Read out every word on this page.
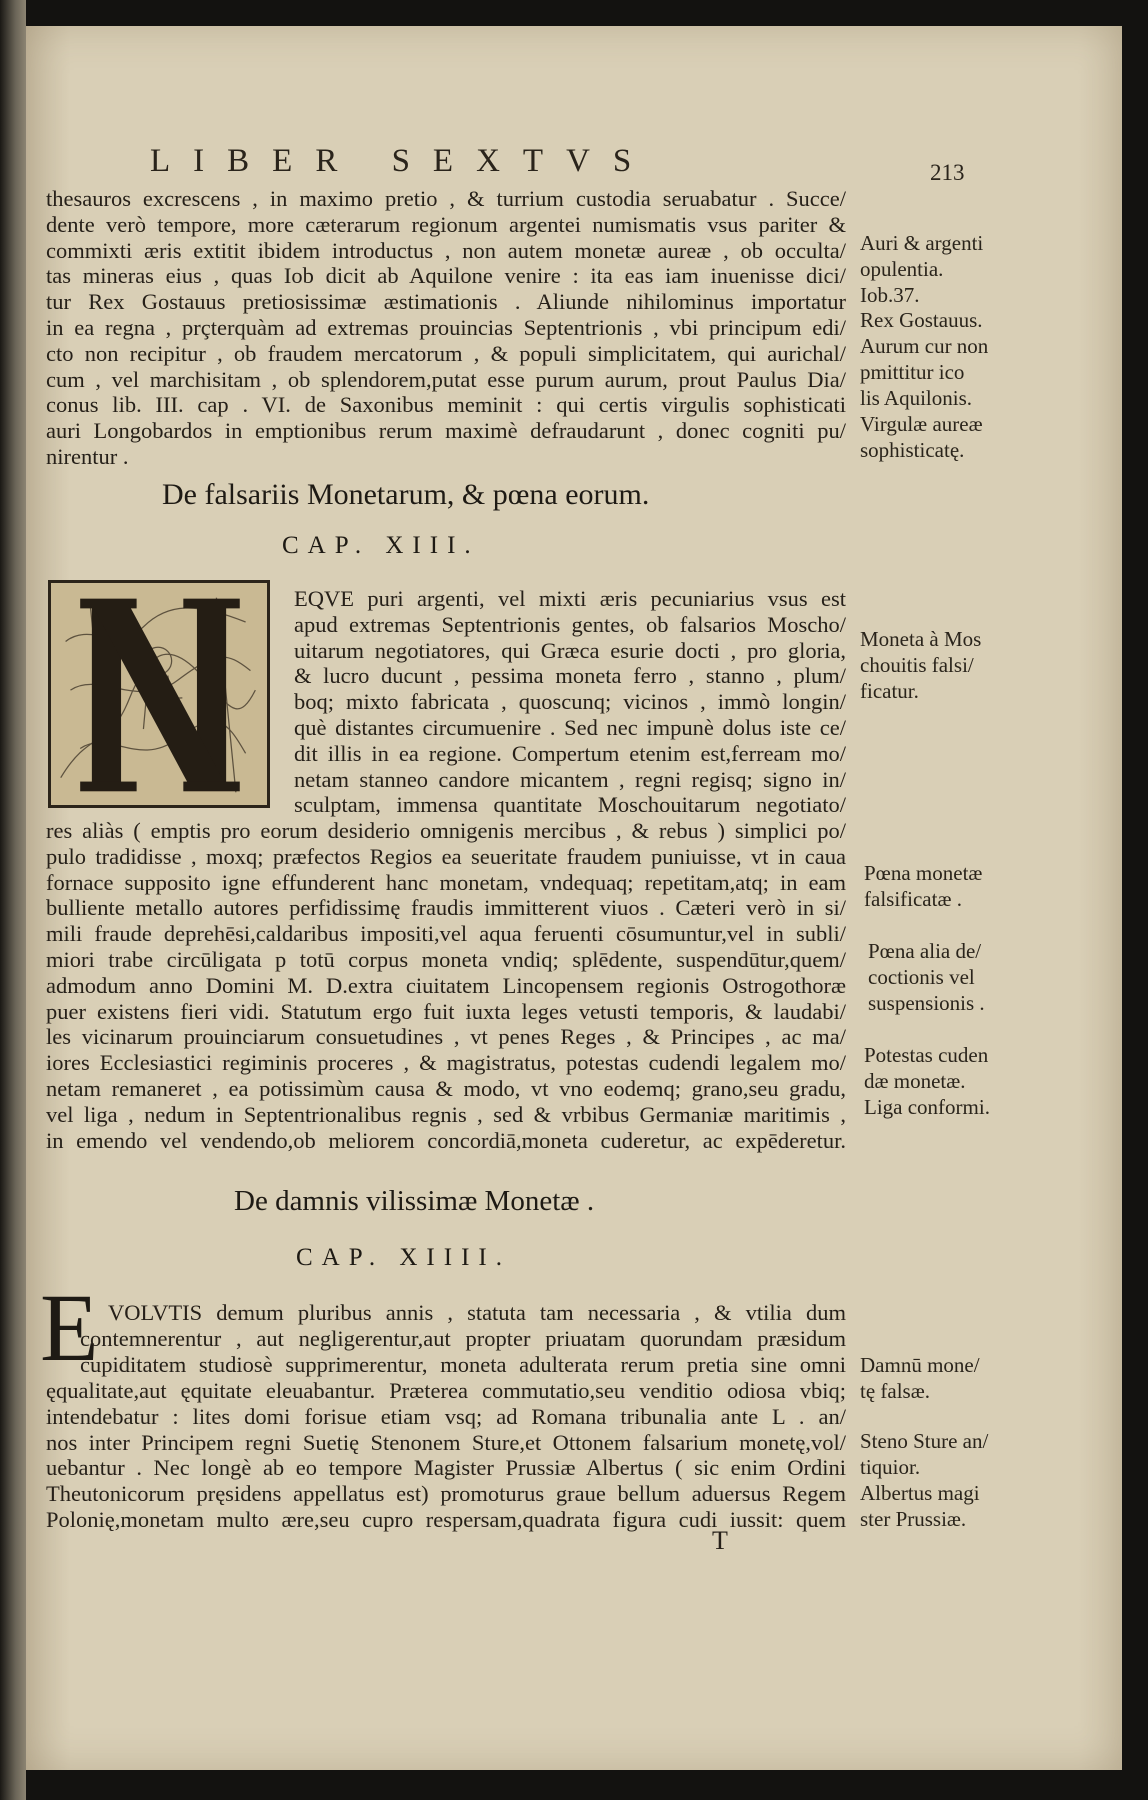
LIBER SEXTVS	213
thesauros excrescens , in maximo pretio , & turrium custodia seruabatur . Succe/
dente verò tempore, more cæterarum regionum argentei numismatis vsus pariter &
commixti æris extitit ibidem introductus , non autem monetæ aureæ , ob occulta/
tas mineras eius , quas Iob dicit ab Aquilone venire : ita eas iam inuenisse dici/
tur Rex Gostauus pretiosissimæ æstimationis . Aliunde nihilominus importatur
in ea regna , prçterquàm ad extremas prouincias Septentrionis , vbi principum edi/
cto non recipitur , ob fraudem mercatorum , & populi simplicitatem, qui aurichal/
cum , vel marchisitam , ob splendorem,putat esse purum aurum, prout Paulus Dia/
conus lib. III. cap . VI. de Saxonibus meminit : qui certis virgulis sophisticati
auri Longobardos in emptionibus rerum maximè defraudarunt , donec cogniti pu/
nirentur .
De falsariis Monetarum, & pœna eorum.
CAP. XIII.
EQVE puri argenti, vel mixti æris pecuniarius vsus est
apud extremas Septentrionis gentes, ob falsarios Moscho/
uitarum negotiatores, qui Græca esurie docti , pro gloria,
& lucro ducunt , pessima moneta ferro , stanno , plum/
boq; mixto fabricata , quoscunq; vicinos , immò longin/
què distantes circumuenire . Sed nec impunè dolus iste ce/
dit illis in ea regione. Compertum etenim est,ferream mo/
netam stanneo candore micantem , regni regisq; signo in/
sculptam, immensa quantitate Moschouitarum negotiato/
res aliàs ( emptis pro eorum desiderio omnigenis mercibus , & rebus ) simplici po/
pulo tradidisse , moxq; præfectos Regios ea seueritate fraudem puniuisse, vt in caua
fornace supposito igne effunderent hanc monetam, vndequaq; repetitam,atq; in eam
bulliente metallo autores perfidissimę fraudis immitterent viuos . Cæteri verò in si/
mili fraude deprehēsi,caldaribus impositi,vel aqua feruenti cōsumuntur,vel in subli/
miori trabe circūligata p totū corpus moneta vndiq; splēdente, suspendūtur,quem/
admodum anno Domini M. D.extra ciuitatem Lincopensem regionis Ostrogothoræ
puer existens fieri vidi. Statutum ergo fuit iuxta leges vetusti temporis, & laudabi/
les vicinarum prouinciarum consuetudines , vt penes Reges , & Principes , ac ma/
iores Ecclesiastici regiminis proceres , & magistratus, potestas cudendi legalem mo/
netam remaneret , ea potissimùm causa & modo, vt vno eodemq; grano,seu gradu,
vel liga , nedum in Septentrionalibus regnis , sed & vrbibus Germaniæ maritimis ,
in emendo vel vendendo,ob meliorem concordiā,moneta cuderetur, ac expēderetur.
De damnis vilissimæ Monetæ .
CAP. XIIII.
E VOLVTIS demum pluribus annis , statuta tam necessaria , & vtilia dum
contemnerentur , aut negligerentur,aut propter priuatam quorundam præsidum
cupiditatem studiosè supprimerentur, moneta adulterata rerum pretia sine omni
ęqualitate,aut ęquitate eleuabantur. Præterea commutatio,seu venditio odiosa vbiq;
intendebatur : lites domi forisue etiam vsq; ad Romana tribunalia ante L . an/
nos inter Principem regni Suetię Stenonem Sture,et Ottonem falsarium monetę,vol/
uebantur . Nec longè ab eo tempore Magister Prussiæ Albertus ( sic enim Ordini
Theutonicorum pręsidens appellatus est) promoturus graue bellum aduersus Regem
Polonię,monetam multo ære,seu cupro respersam,quadrata figura cudi iussit: quem
T
Auri & argenti
opulentia.
Iob.37.
Rex Gostauus.
Aurum cur non
pmittitur ico
lis Aquilonis.
Virgulæ aureæ
sophisticatę.
Moneta à Mos
chouitis falsi/
ficatur.
Pœna monetæ
falsificatæ .
Pœna alia de/
coctionis vel
suspensionis .
Potestas cuden
dæ monetæ.
Liga conformi.
Damnū mone/
tę falsæ.
Steno Sture an/
tiquior.
Albertus magi
ster Prussiæ.
